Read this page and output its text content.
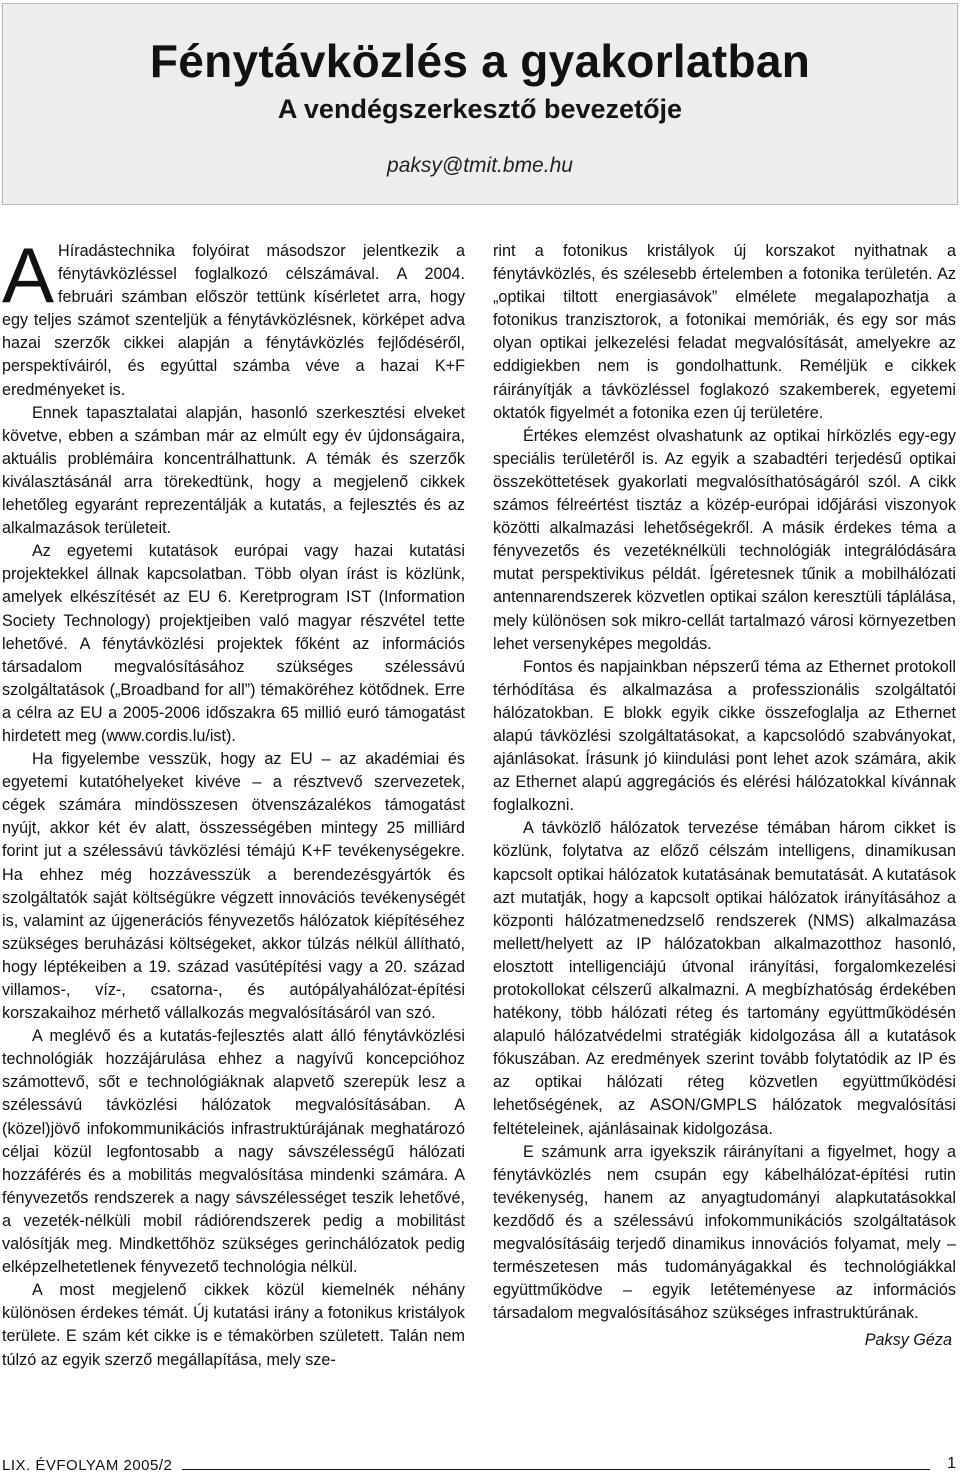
Fénytávközlés a gyakorlatban
A vendégszerkesztő bevezetője
paksy@tmit.bme.hu

A Híradástechnika folyóirat másodszor jelentkezik a fénytávközléssel foglalkozó célszámával. A 2004. februári számban először tettünk kísérletet arra, hogy egy teljes számot szenteljük a fénytávközlésnek, körképet adva hazai szerzők cikkei alapján a fénytávközlés fejlődéséről, perspektíváiról, és egyúttal számba véve a hazai K+F eredményeket is.

Ennek tapasztalatai alapján, hasonló szerkesztési elveket követve, ebben a számban már az elmúlt egy év újdonságaira, aktuális problémáira koncentrálhattunk. A témák és szerzők kiválasztásánál arra törekedtünk, hogy a megjelenő cikkek lehetőleg egyaránt reprezentálják a kutatás, a fejlesztés és az alkalmazások területeit.

Az egyetemi kutatások európai vagy hazai kutatási projektekkel állnak kapcsolatban. Több olyan írást is közlünk, amelyek elkészítését az EU 6. Keretprogram IST (Information Society Technology) projektjeiben való magyar részvétel tette lehetővé. A fénytávközlési projektek főként az információs társadalom megvalósításához szükséges szélessávú szolgáltatások („Broadband for all”) témaköréhez kötődnek. Erre a célra az EU a 2005-2006 időszakra 65 millió euró támogatást hirdetett meg (www.cordis.lu/ist).

Ha figyelembe vesszük, hogy az EU – az akadémiai és egyetemi kutatóhelyeket kivéve – a résztvevő szervezetek, cégek számára mindösszesen ötvenszázalékos támogatást nyújt, akkor két év alatt, összességében mintegy 25 milliárd forint jut a szélessávú távközlési témájú K+F tevékenységekre. Ha ehhez még hozzávesszük a berendezésgyártók és szolgáltatók saját költségükre végzett innovációs tevékenységét is, valamint az újgenerációs fényvezetős hálózatok kiépítéséhez szükséges beruházási költségeket, akkor túlzás nélkül állítható, hogy léptékeiben a 19. század vasútépítési vagy a 20. század villamos-, víz-, csatorna-, és autópályahálózat-építési korszakaihoz mérhető vállalkozás megvalósításáról van szó.

A meglévő és a kutatás-fejlesztés alatt álló fénytávközlési technológiák hozzájárulása ehhez a nagyívű koncepcióhoz számottevő, sőt e technológiáknak alapvető szerepük lesz a szélessávú távközlési hálózatok megvalósításában. A (közel)jövő infokommunikációs infrastruktúrájának meghatározó céljai közül legfontosabb a nagy sávszélességű hálózati hozzáférés és a mobilitás megvalósítása mindenki számára. A fényvezetős rendszerek a nagy sávszélességet teszik lehetővé, a vezeték-nélküli mobil rádiórendszerek pedig a mobilitást valósítják meg. Mindkettőhöz szükséges gerinchálózatok pedig elképzelhetetlenek fényvezető technológia nélkül.

A most megjelenő cikkek közül kiemelnék néhány különösen érdekes témát. Új kutatási irány a fotonikus kristályok területe. E szám két cikke is e témakörben született. Talán nem túlzó az egyik szerző megállapítása, mely sze-

rint a fotonikus kristályok új korszakot nyithatnak a fénytávközlés, és szélesebb értelemben a fotonika területén. Az „optikai tiltott energiasávok” elmélete megalapozhatja a fotonikus tranzisztorok, a fotonikai memóriák, és egy sor más olyan optikai jelkezelési feladat megvalósítását, amelyekre az eddigiekben nem is gondolhattunk. Reméljük e cikkek ráirányítják a távközléssel foglakozó szakemberek, egyetemi oktatók figyelmét a fotonika ezen új területére.

Értékes elemzést olvashatunk az optikai hírközlés egy-egy speciális területéről is. Az egyik a szabadtéri terjedésű optikai összeköttetések gyakorlati megvalósíthatóságáról szól. A cikk számos félreértést tisztáz a közép-európai időjárási viszonyok közötti alkalmazási lehetőségekről. A másik érdekes téma a fényvezetős és vezetéknélküli technológiák integrálódására mutat perspektivikus példát. Ígéretesnek tűnik a mobilhálózati antennarendszerek közvetlen optikai szálon keresztüli táplálása, mely különösen sok mikro-cellát tartalmazó városi környezetben lehet versenyképes megoldás.

Fontos és napjainkban népszerű téma az Ethernet protokoll térhódítása és alkalmazása a professzionális szolgáltatói hálózatokban. E blokk egyik cikke összefoglalja az Ethernet alapú távközlési szolgáltatásokat, a kapcsolódó szabványokat, ajánlásokat. Írásunk jó kiindulási pont lehet azok számára, akik az Ethernet alapú aggregációs és elérési hálózatokkal kívánnak foglalkozni.

A távközlő hálózatok tervezése témában három cikket is közlünk, folytatva az előző célszám intelligens, dinamikusan kapcsolt optikai hálózatok kutatásának bemutatását. A kutatások azt mutatják, hogy a kapcsolt optikai hálózatok irányításához a központi hálózatmenedzselő rendszerek (NMS) alkalmazása mellett/helyett az IP hálózatokban alkalmazotthoz hasonló, elosztott intelligenciájú útvonal irányítási, forgalomkezelési protokollokat célszerű alkalmazni. A megbízhatóság érdekében hatékony, több hálózati réteg és tartomány együttműködésén alapuló hálózatvédelmi stratégiák kidolgozása áll a kutatások fókuszában. Az eredmények szerint tovább folytatódik az IP és az optikai hálózati réteg közvetlen együttműködési lehetőségének, az ASON/GMPLS hálózatok megvalósítási feltételeinek, ajánlásainak kidolgozása.

E számunk arra igyekszik ráirányítani a figyelmet, hogy a fénytávközlés nem csupán egy kábelhálózat-építési rutin tevékenység, hanem az anyagtudományi alapkutatásokkal kezdődő és a szélessávú infokommunikációs szolgáltatások megvalósításáig terjedő dinamikus innovációs folyamat, mely – természetesen más tudományágakkal és technológiákkal együttműködve – egyik letéteményese az információs társadalom megvalósításához szükséges infrastruktúrának.

Paksy Géza
LIX. ÉVFOLYAM 2005/2	1
